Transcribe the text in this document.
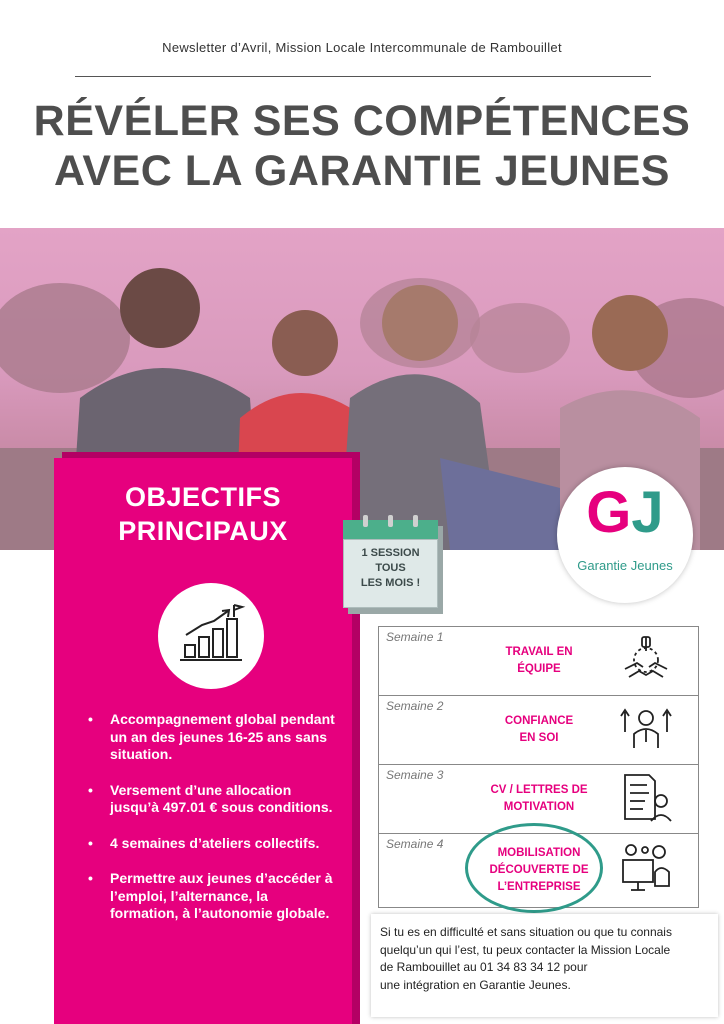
Newsletter d’Avril, Mission Locale Intercommunale de Rambouillet
RÉVÉLER SES COMPÉTENCES
AVEC LA GARANTIE JEUNES
OBJECTIFS
PRINCIPAUX
• Accompagnement global pendant un an des jeunes 16-25 ans sans situation.
• Versement d’une allocation jusqu’à 497.01 € sous conditions.
• 4 semaines d’ateliers collectifs.
• Permettre aux jeunes d’accéder à l’emploi, l’alternance, la formation, à l’autonomie globale.
1 SESSION
TOUS
LES MOIS !
GJ
Garantie Jeunes
Semaine 1
TRAVAIL EN
ÉQUIPE
Semaine 2
CONFIANCE
EN SOI
Semaine 3
CV / LETTRES DE
MOTIVATION
Semaine 4
MOBILISATION
DÉCOUVERTE DE
L’ENTREPRISE
Si tu es en difficulté et sans situation ou que tu connais
quelqu’un qui l’est, tu peux contacter la Mission Locale
de Rambouillet au 01 34 83 34 12 pour
une intégration en Garantie Jeunes.
